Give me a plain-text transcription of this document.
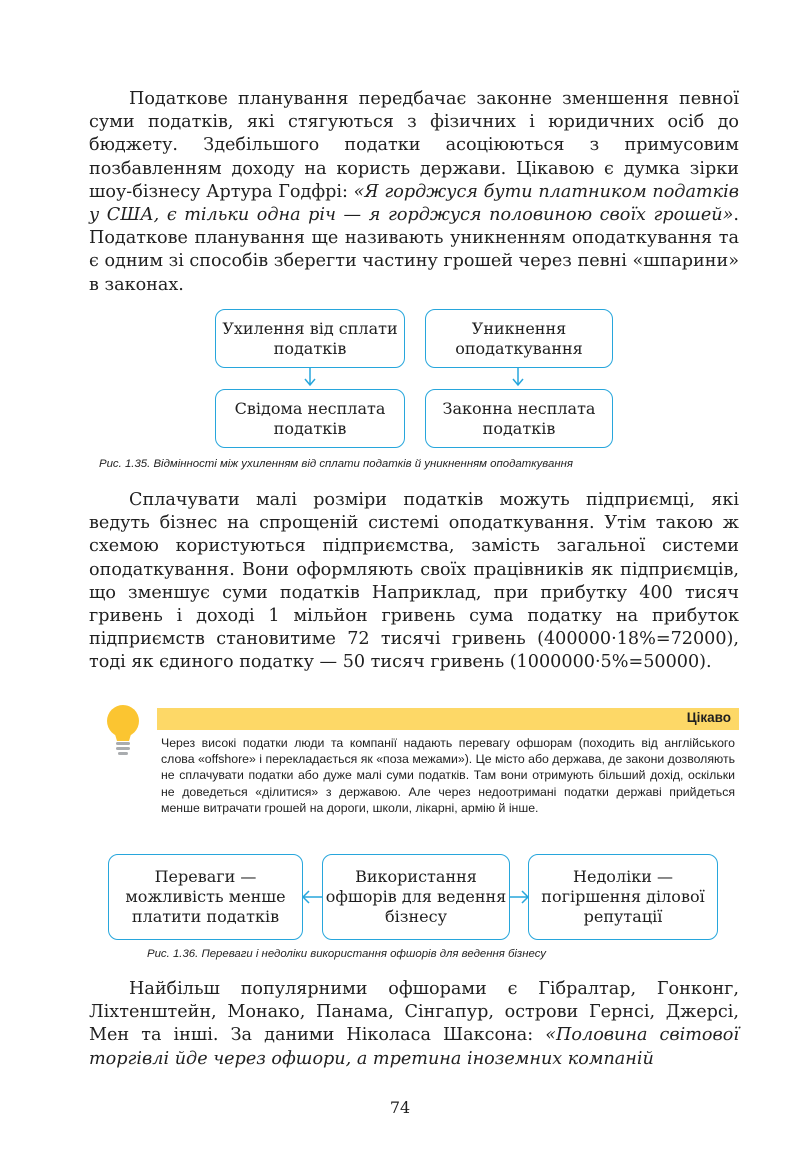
Податкове планування передбачає законне зменшення певної суми податків, які стягуються з фізичних і юридичних осіб до бюджету. Здебільшого податки асоціюються з примусовим позбавленням доходу на користь держави. Цікавою є думка зірки шоу-бізнесу Артура Годфрі: «Я горджуся бути платником податків у США, є тільки одна річ — я горджуся половиною своїх грошей». Податкове планування ще називають уникненням оподаткування та є одним зі способів зберегти частину грошей через певні «шпарини» в законах.

Ухилення від сплати податків
Уникнення оподаткування
Свідома несплата податків
Законна несплата податків
Рис. 1.35. Відмінності між ухиленням від сплати податків й уникненням оподаткування

Сплачувати малі розміри податків можуть підприємці, які ведуть бізнес на спрощеній системі оподаткування. Утім такою ж схемою користуються підприємства, замість загальної системи оподаткування. Вони оформляють своїх працівників як підприємців, що зменшує суми податків Наприклад, при прибутку 400 тисяч гривень і доході 1 мільйон гривень сума податку на прибуток підприємств становитиме 72 тисячі гривень (400000·18%=72000), тоді як єдиного податку — 50 тисяч гривень (1000000·5%=50000).

Цікаво

Через високі податки люди та компанії надають перевагу офшорам (походить від англійського слова «offshore» і перекладається як «поза межами»). Це місто або держава, де закони дозволяють не сплачувати податки або дуже малі суми податків. Там вони отримують більший дохід, оскільки не доведеться «ділитися» з державою. Але через недоотримані податки державі прийдеться менше витрачати грошей на дороги, школи, лікарні, армію й інше.

Переваги — можливість менше платити податків
Використання офшорів для ведення бізнесу
Недоліки — погіршення ділової репутації
Рис. 1.36. Переваги і недоліки використання офшорів для ведення бізнесу

Найбільш популярними офшорами є Гібралтар, Гонконг, Ліхтенштейн, Монако, Панама, Сінгапур, острови Гернсі, Джерсі, Мен та інші. За даними Ніколаса Шаксона: «Половина світової торгівлі йде через офшори, а третина іноземних компаній

74
